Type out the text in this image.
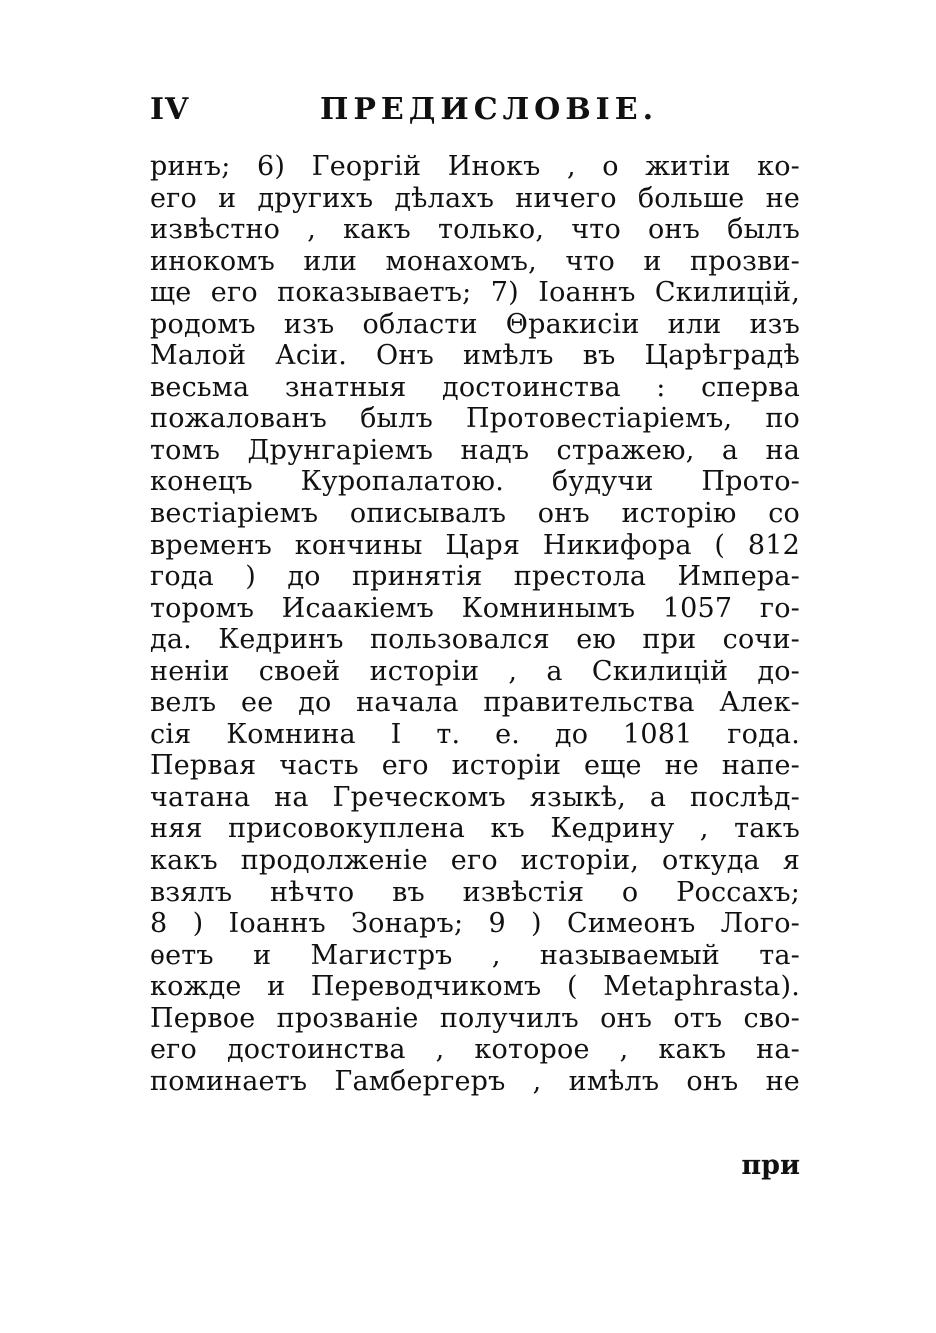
IV	ПРЕДИСЛОВІЕ.
ринъ; 6) Георгій Инокъ , о житіи ко-
его и другихъ дѣлахъ ничего больше не
извѣстно , какъ только, что онъ былъ
инокомъ или монахомъ, что и прозви-
ще его показываетъ; 7) Іоаннъ Скилицій,
родомъ изъ области Θракисіи или изъ
Малой Асіи. Онъ имѣлъ въ Царѣградѣ
весьма знатныя достоинства : сперва
пожалованъ былъ Протовестіаріемъ, по
томъ Друнгаріемъ надъ стражею, а на
конецъ Куропалатою. будучи Прото-
вестіаріемъ описывалъ онъ исторію со
временъ кончины Царя Никифора ( 812
года ) до принятія престола Импера-
торомъ Исаакіемъ Комнинымъ 1057 го-
да. Кедринъ пользовался ею при сочи-
неніи своей исторіи , а Скилицій до-
велъ ее до начала правительства Алек-
сія Комнина I т. е. до 1081 года.
Первая часть его исторіи еще не напе-
чатана на Греческомъ языкѣ, а послѣд-
няя присовокуплена къ Кедрину , такъ
какъ продолженіе его исторіи, откуда я
взялъ нѣчто въ извѣстія о Россахъ;
8 ) Іоаннъ Зонаръ; 9 ) Симеонъ Лого-
ѳетъ и Магистръ , называемый та-
кожде и Переводчикомъ ( Metaphrasta).
Первое прозваніе получилъ онъ отъ сво-
его достоинства , которое , какъ на-
поминаетъ Гамбергеръ , имѣлъ онъ не
при
